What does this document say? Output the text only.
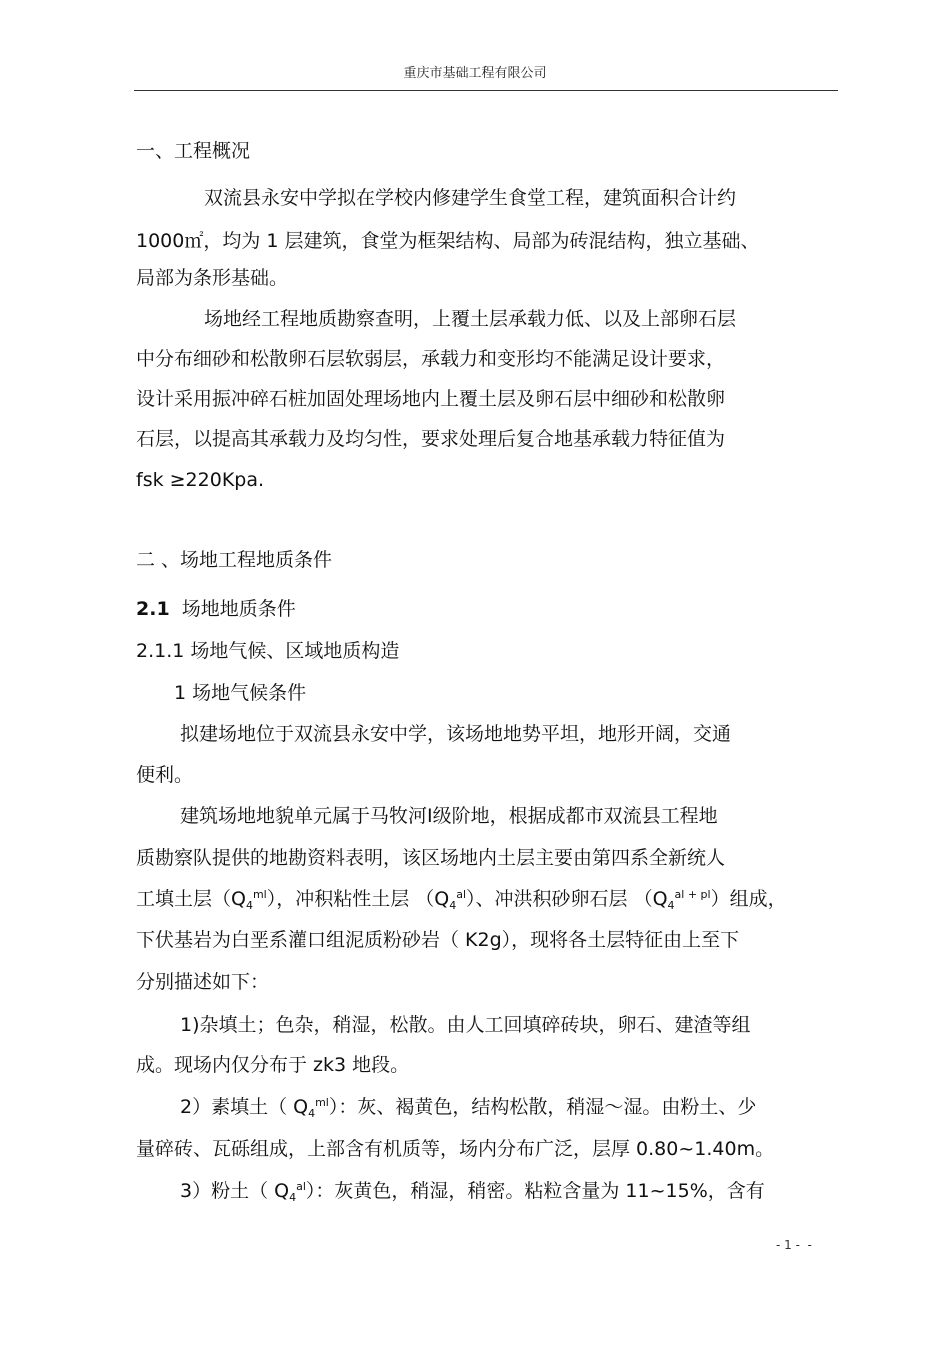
重庆市基础工程有限公司
一、工程概况
双流县永安中学拟在学校内修建学生食堂工程，建筑面积合计约
1000㎡，均为 1 层建筑，食堂为框架结构、局部为砖混结构，独立基础、
局部为条形基础。
场地经工程地质勘察查明，上覆土层承载力低、以及上部卵石层
中分布细砂和松散卵石层软弱层，承载力和变形均不能满足设计要求，
设计采用振冲碎石桩加固处理场地内上覆土层及卵石层中细砂和松散卵
石层，以提高其承载力及均匀性，要求处理后复合地基承载力特征值为
fsk ≥220Kpa.
二 、场地工程地质条件
2.1 场地地质条件
2.1.1 场地气候、区域地质构造
1 场地气候条件
拟建场地位于双流县永安中学，该场地地势平坦，地形开阔，交通
便利。
建筑场地地貌单元属于马牧河Ⅰ级阶地，根据成都市双流县工程地
质勘察队提供的地勘资料表明，该区场地内土层主要由第四系全新统人
工填土层$(Q_4^{ml})$，冲积粘性土层 $(Q_4^{al})$、冲洪积砂卵石层 $(Q_4^{al + pl})$组成，
下伏基岩为白垩系灌口组泥质粉砂岩（ K2g），现将各土层特征由上至下
分别描述如下：
1)杂填土；色杂，稍湿，松散。由人工回填碎砖块，卵石、建渣等组
成。现场内仅分布于 zk3 地段。
2）素填土（ $Q_4^{ml}$）：灰、褐黄色，结构松散，稍湿～湿。由粉土、少
量碎砖、瓦砾组成，上部含有机质等，场内分布广泛，层厚 0.80~1.40m。
3）粉土（ $Q_4^{al}$）：灰黄色，稍湿，稍密。粘粒含量为 11~15%，含有
- 1 -  -
